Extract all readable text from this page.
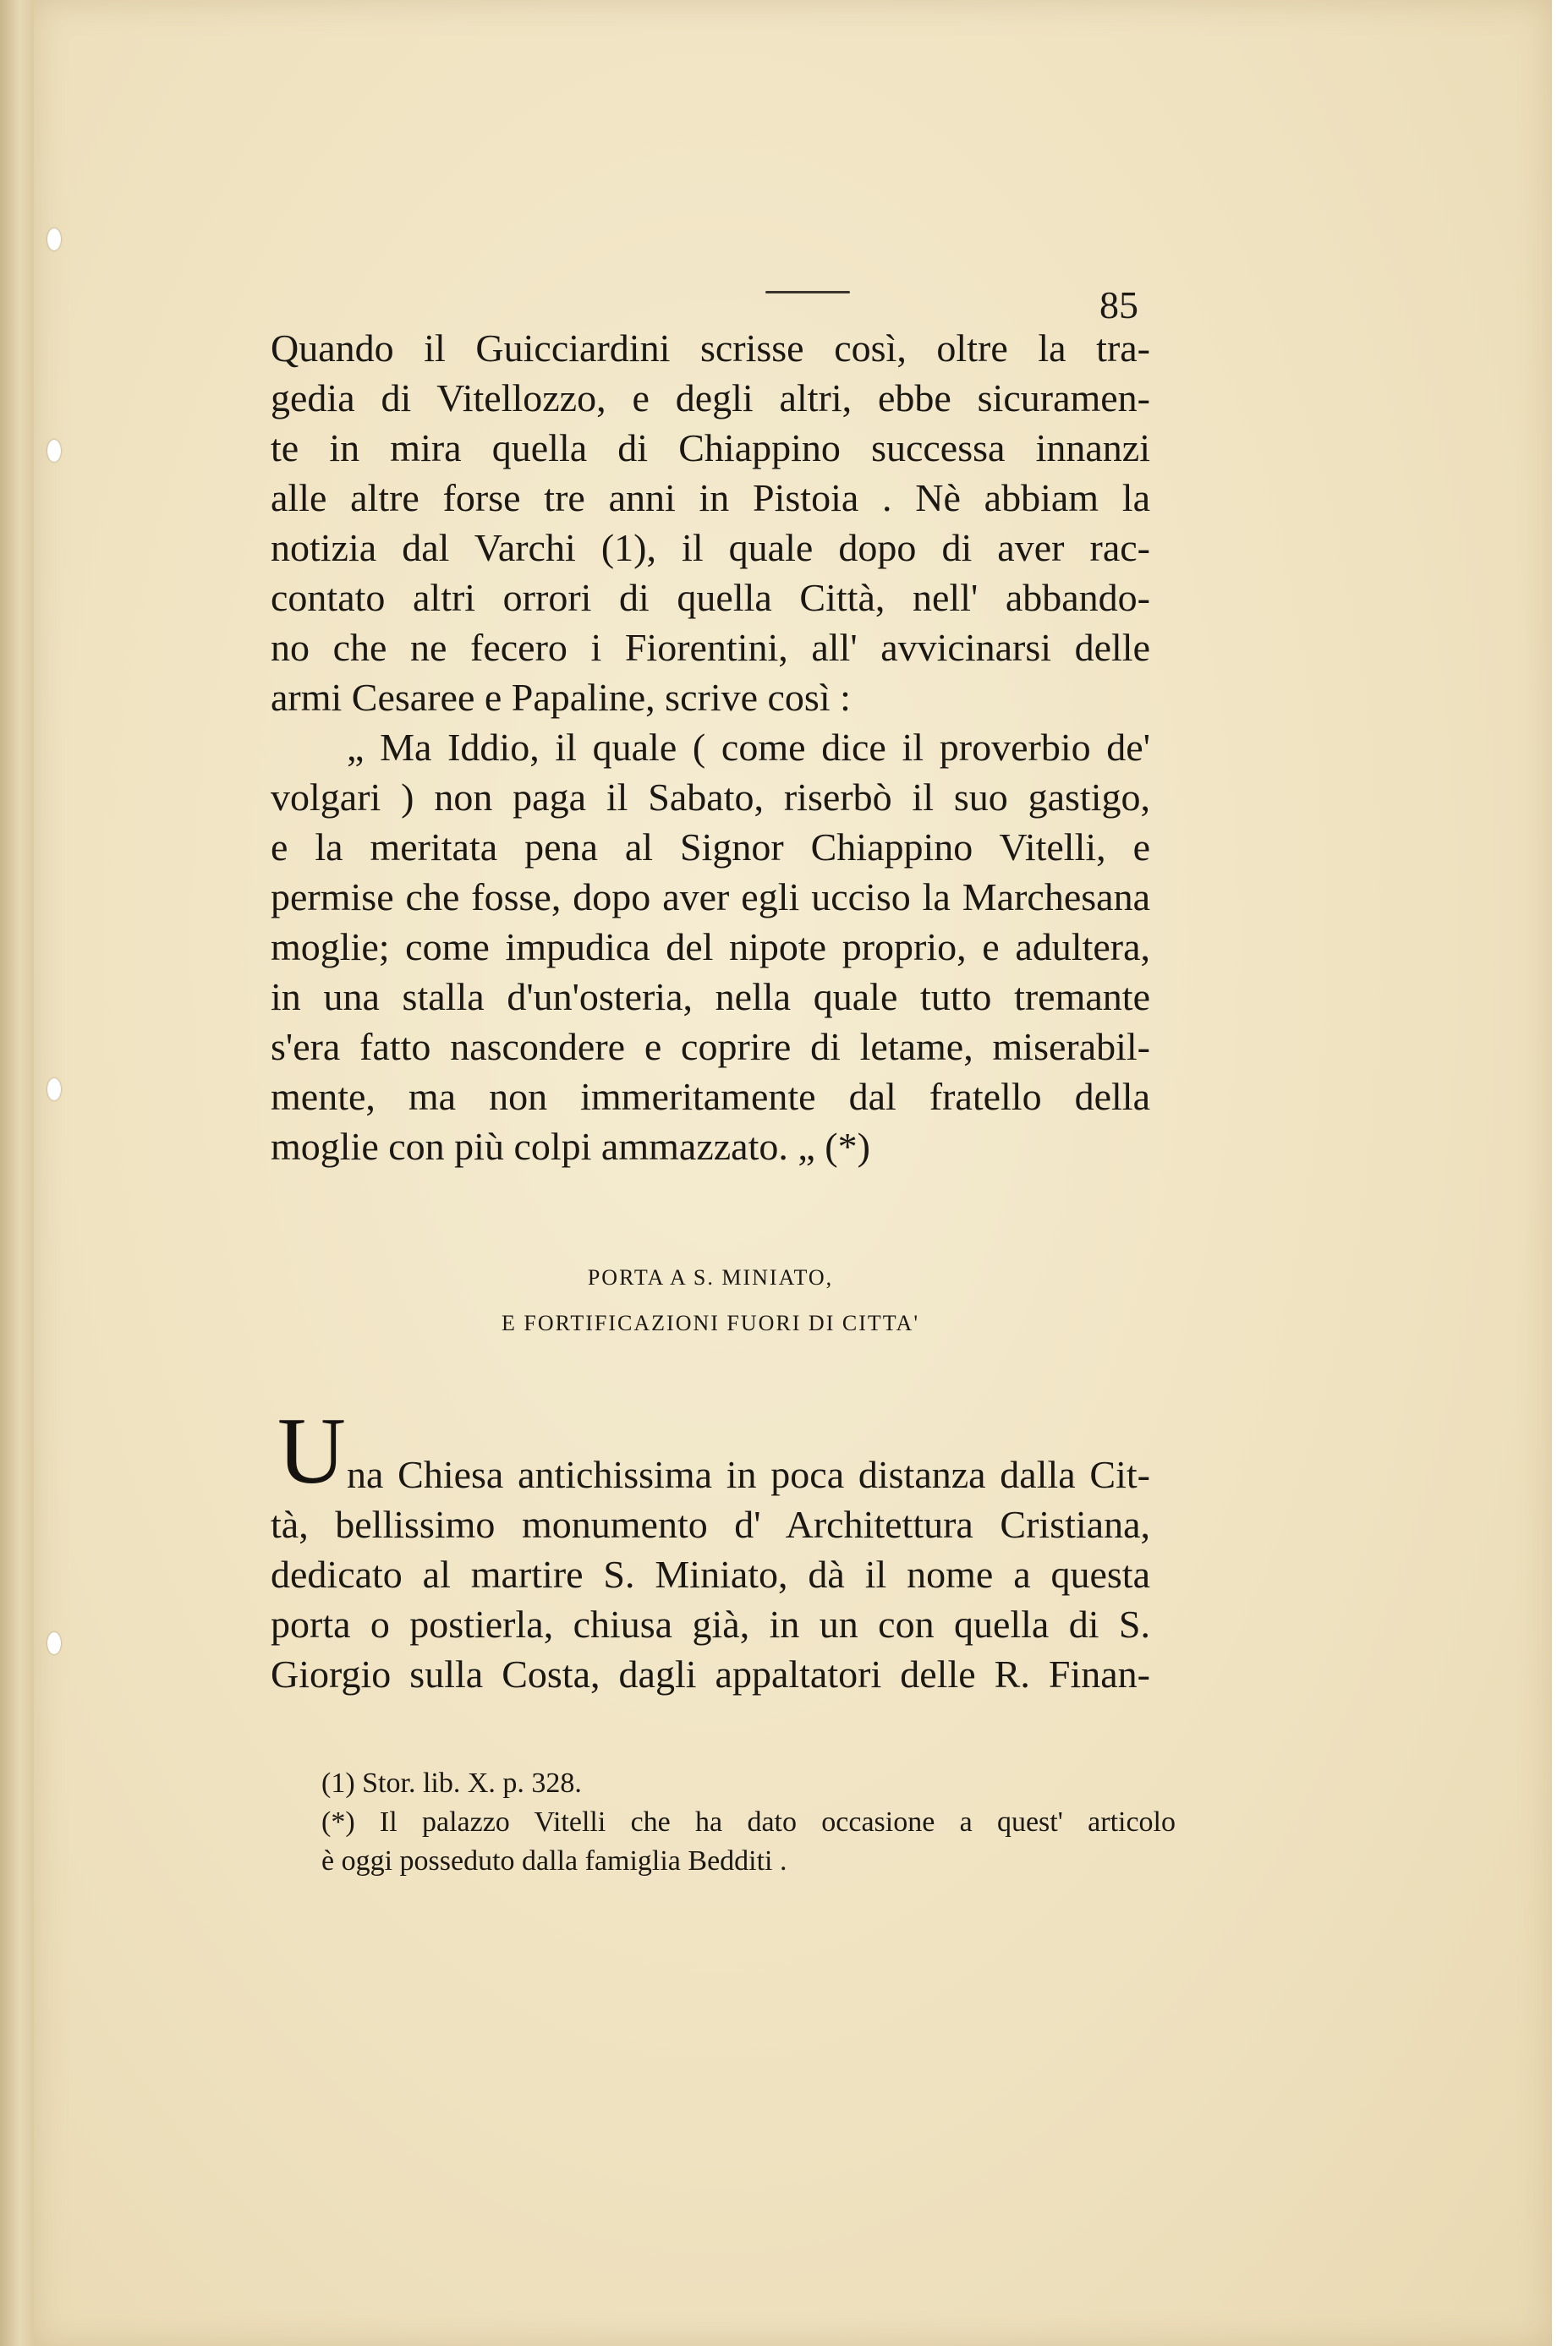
85
Quando il Guicciardini scrisse così, oltre la tra-
gedia di Vitellozzo, e degli altri, ebbe sicuramen-
te in mira quella di Chiappino successa innanzi
alle altre forse tre anni in Pistoia . Nè abbiam la
notizia dal Varchi (1), il quale dopo di aver rac-
contato altri orrori di quella Città, nell' abbando-
no che ne fecero i Fiorentini, all' avvicinarsi delle
armi Cesaree e Papaline, scrive così :
„ Ma Iddio, il quale ( come dice il proverbio de'
volgari ) non paga il Sabato, riserbò il suo gastigo,
e la meritata pena al Signor Chiappino Vitelli, e
permise che fosse, dopo aver egli ucciso la Marchesana
moglie; come impudica del nipote proprio, e adultera,
in una stalla d'un'osteria, nella quale tutto tremante
s'era fatto nascondere e coprire di letame, miserabil-
mente, ma non immeritamente dal fratello della
moglie con più colpi ammazzato. „ (*)
PORTA A S. MINIATO,
E FORTIFICAZIONI FUORI DI CITTA'
U na Chiesa antichissima in poca distanza dalla Cit-
tà, bellissimo monumento d' Architettura Cristiana,
dedicato al martire S. Miniato, dà il nome a questa
porta o postierla, chiusa già, in un con quella di S.
Giorgio sulla Costa, dagli appaltatori delle R. Finan-
(1) Stor. lib. X. p. 328.
(*) Il palazzo Vitelli che ha dato occasione a quest' articolo
è oggi posseduto dalla famiglia Bedditi .
